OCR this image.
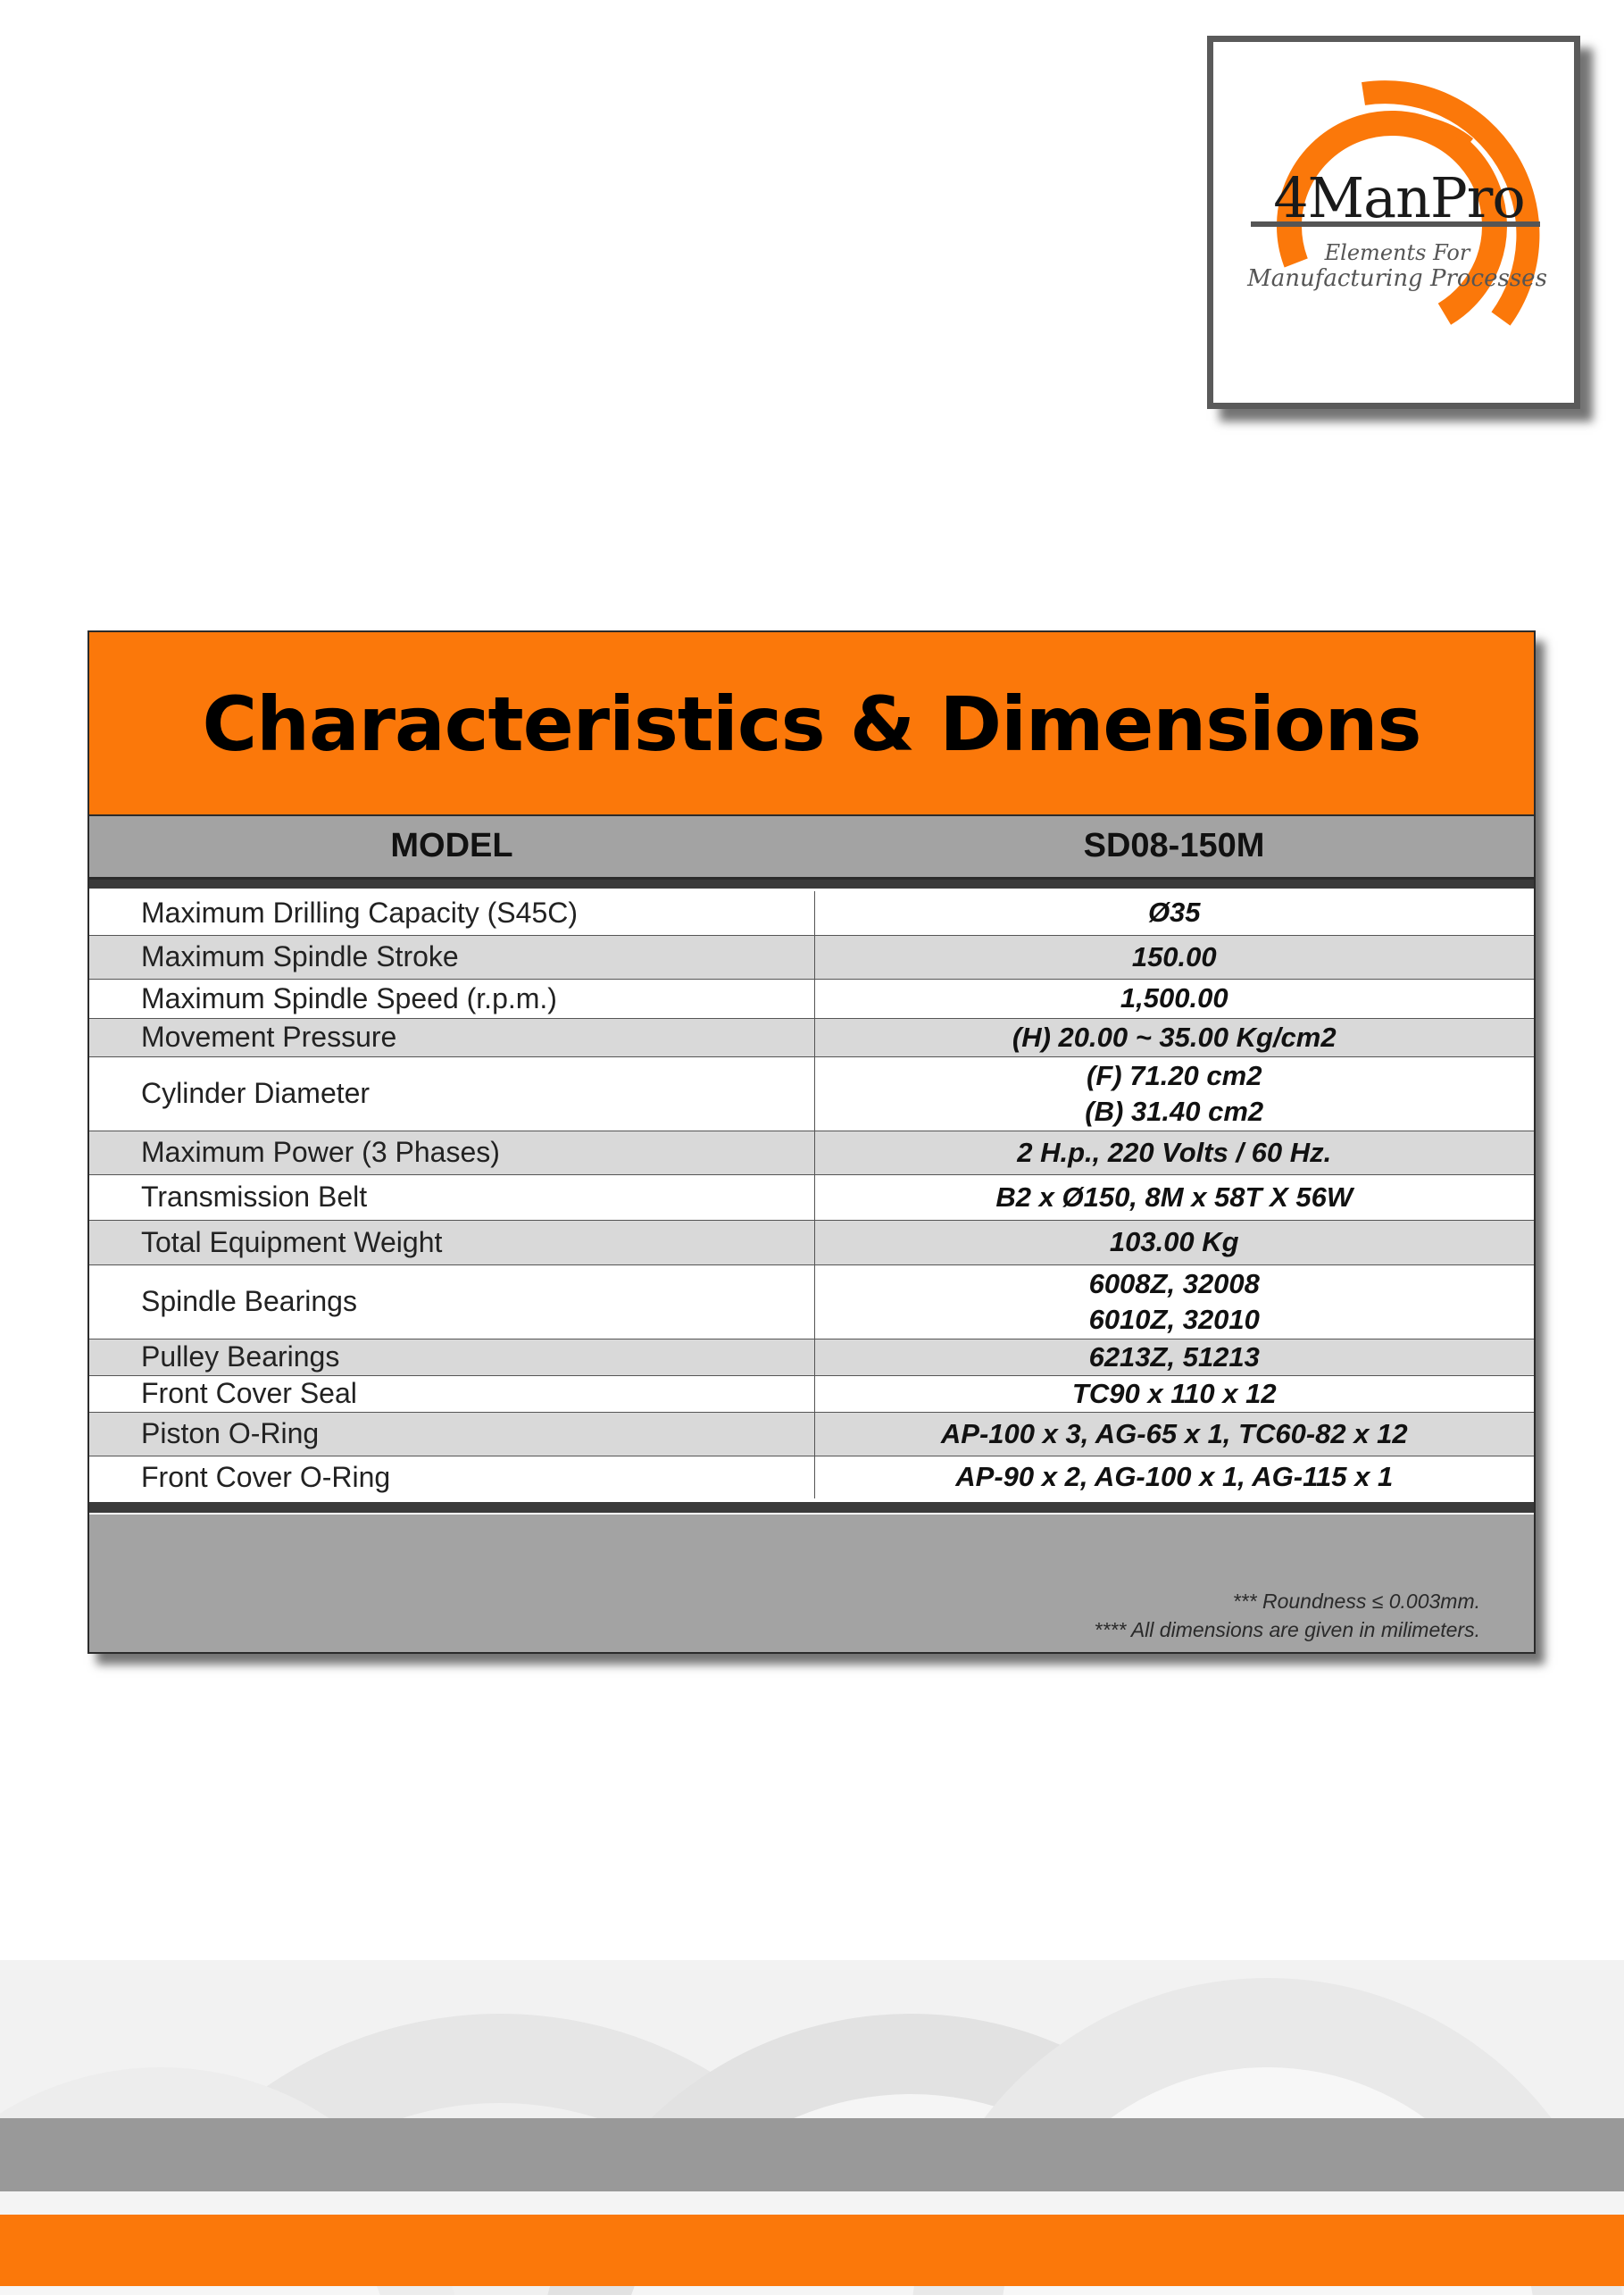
4ManPro
Elements For
Manufacturing Processes
Characteristics & Dimensions
MODEL	SD08-150M
Maximum Drilling Capacity (S45C)	Ø35
Maximum Spindle Stroke	150.00
Maximum Spindle Speed (r.p.m.)	1,500.00
Movement Pressure	(H) 20.00 ~ 35.00 Kg/cm2
Cylinder Diameter	(F) 71.20 cm2
(B) 31.40 cm2

Maximum Power (3 Phases)	2 H.p., 220 Volts / 60 Hz.
Transmission Belt	B2 x Ø150, 8M x 58T X 56W
Total Equipment Weight	103.00 Kg
Spindle Bearings	6008Z, 32008
6010Z, 32010

Pulley Bearings	6213Z, 51213
Front Cover Seal	TC90 x 110 x 12
Piston O-Ring	AP-100 x 3, AG-65 x 1, TC60-82 x 12
Front Cover O-Ring	AP-90 x 2, AG-100 x 1, AG-115 x 1
*** Roundness ≤ 0.003mm.
**** All dimensions are given in milimeters.
